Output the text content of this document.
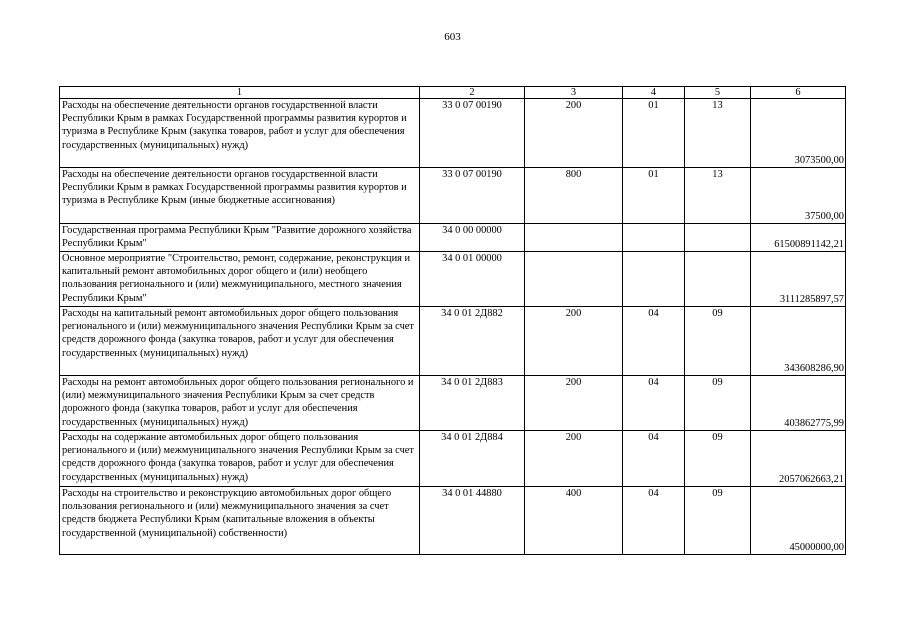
603
1	2	3	4	5	6
Расходы на обеспечение деятельности органов государственной власти Республики Крым в рамках Государственной программы развития курортов и туризма в Республике Крым (закупка товаров, работ и услуг для обеспечения государственных (муниципальных) нужд)	33 0 07 00190	200	01	13	3073500,00
Расходы на обеспечение деятельности органов государственной власти Республики Крым в рамках Государственной программы развития курортов и туризма в Республике Крым (иные бюджетные ассигнования)	33 0 07 00190	800	01	13	37500,00
Государственная программа Республики Крым "Развитие дорожного хозяйства Республики Крым"	34 0 00 00000				61500891142,21
Основное мероприятие "Строительство, ремонт, содержание, реконструкция и капитальный ремонт автомобильных дорог общего и (или) необщего пользования регионального и (или) межмуниципального, местного значения Республики Крым"	34 0 01 00000				3111285897,57
Расходы на капитальный ремонт автомобильных дорог общего пользования регионального и (или) межмуниципального значения Республики Крым за счет средств дорожного фонда (закупка товаров, работ и услуг для обеспечения государственных (муниципальных) нужд)	34 0 01 2Д882	200	04	09	343608286,90
Расходы на ремонт автомобильных дорог общего пользования регионального и (или) межмуниципального значения Республики Крым за счет средств дорожного фонда (закупка товаров, работ и услуг для обеспечения государственных (муниципальных) нужд)	34 0 01 2Д883	200	04	09	403862775,99
Расходы на содержание автомобильных дорог общего пользования регионального и (или) межмуниципального значения Республики Крым за счет средств дорожного фонда (закупка товаров, работ и услуг для обеспечения государственных (муниципальных) нужд)	34 0 01 2Д884	200	04	09	2057062663,21
Расходы на строительство и реконструкцию автомобильных дорог общего пользования регионального и (или) межмуниципального значения за счет средств бюджета Республики Крым (капитальные вложения в объекты государственной (муниципальной) собственности)	34 0 01 44880	400	04	09	45000000,00
